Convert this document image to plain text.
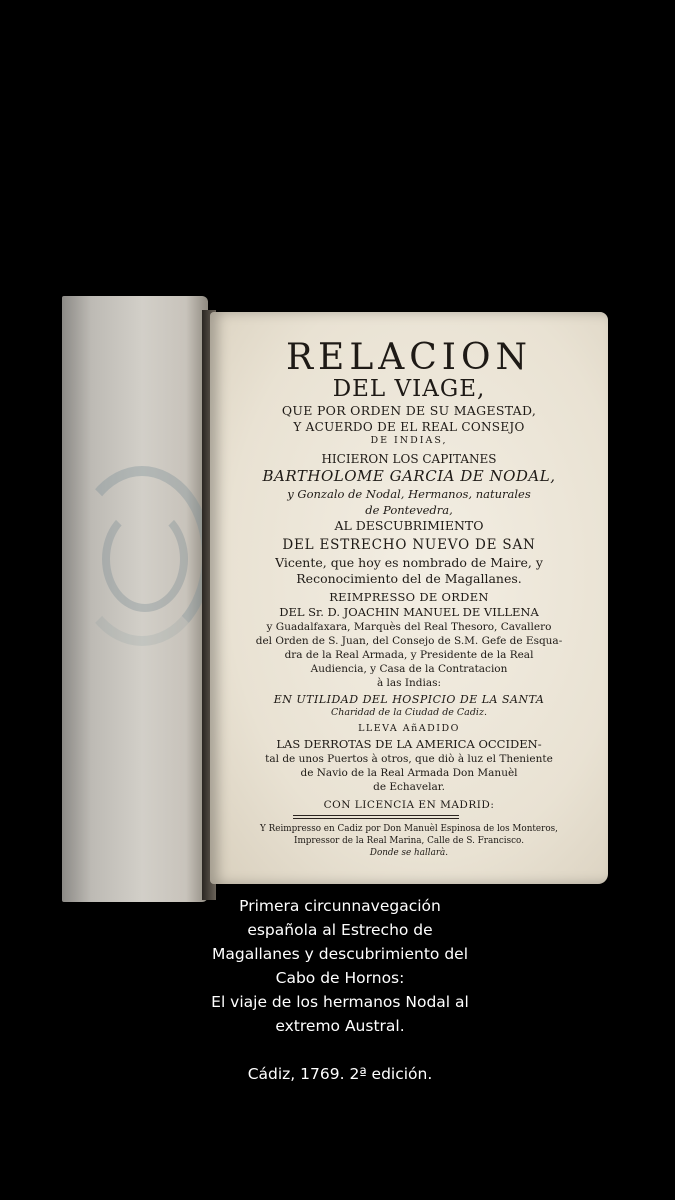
RELACION
DEL VIAGE,
QUE POR ORDEN DE SU MAGESTAD,
Y ACUERDO DE EL REAL CONSEJO
DE INDIAS,
HICIERON LOS CAPITANES
BARTHOLOME GARCIA DE NODAL,
y Gonzalo de Nodal, Hermanos, naturales
de Pontevedra,
AL DESCUBRIMIENTO
DEL ESTRECHO NUEVO DE SAN
Vicente, que hoy es nombrado de Maire, y
Reconocimiento del de Magallanes.
REIMPRESSO DE ORDEN
DEL Sr. D. JOACHIN MANUEL DE VILLENA
y Guadalfaxara, Marquès del Real Thesoro, Cavallero
del Orden de S. Juan, del Consejo de S.M. Gefe de Esqua-
dra de la Real Armada, y Presidente de la Real
Audiencia, y Casa de la Contratacion
à las Indias:
EN UTILIDAD DEL HOSPICIO DE LA SANTA
Charidad de la Ciudad de Cadiz.
LLEVA AñADIDO
LAS DERROTAS DE LA AMERICA OCCIDEN-
tal de unos Puertos à otros, que diò à luz el Theniente
de Navio de la Real Armada Don Manuèl
de Echavelar.
CON LICENCIA EN MADRID:
Y Reimpresso en Cadiz por Don Manuèl Espinosa de los Monteros,
Impressor de la Real Marina, Calle de S. Francisco.
Donde se hallarà.
Primera circunnavegación
española al Estrecho de
Magallanes y descubrimiento del
Cabo de Hornos:
El viaje de los hermanos Nodal al
extremo Austral.
Cádiz, 1769. 2ª edición.
